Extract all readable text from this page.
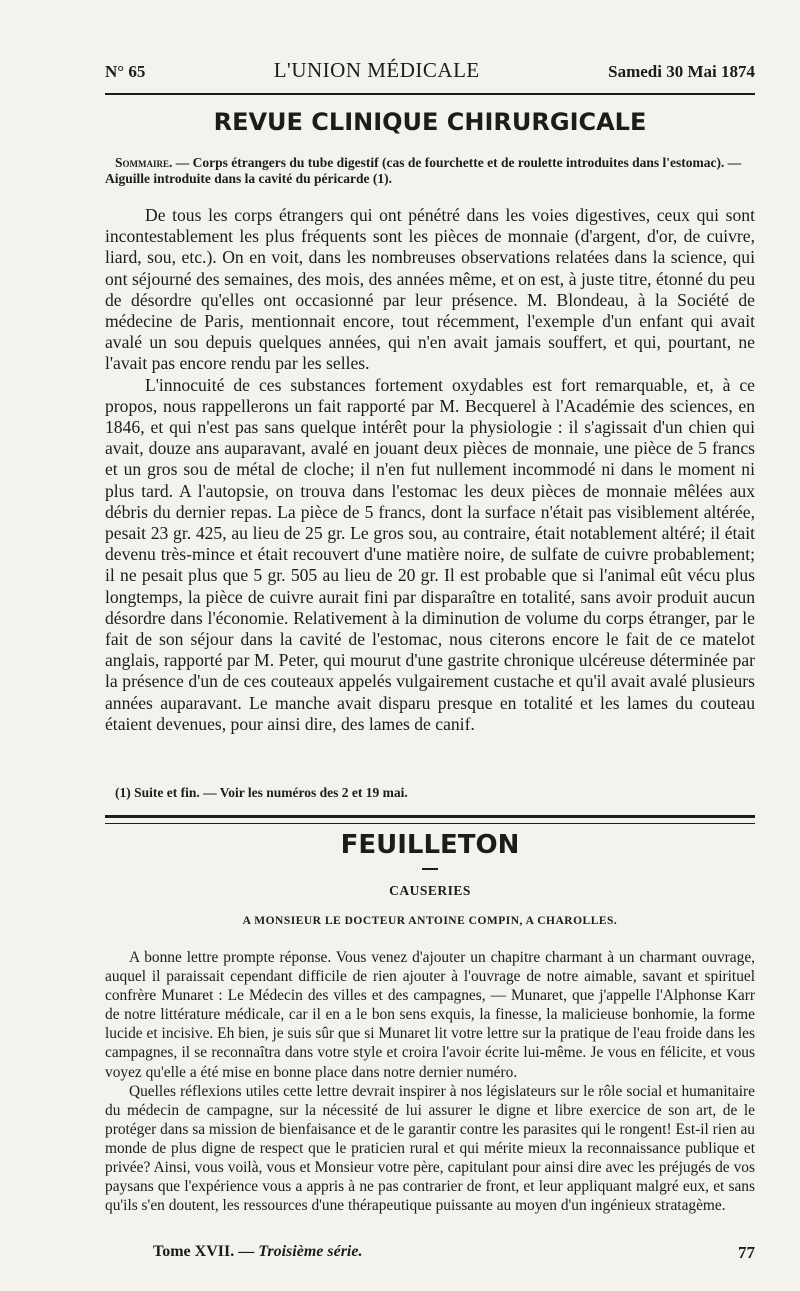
N° 65	L'UNION MÉDICALE	Samedi 30 Mai 1874
REVUE CLINIQUE CHIRURGICALE
Sommaire. — Corps étrangers du tube digestif (cas de fourchette et de roulette introduites dans l'estomac). — Aiguille introduite dans la cavité du péricarde (1).

De tous les corps étrangers qui ont pénétré dans les voies digestives, ceux qui sont incontestablement les plus fréquents sont les pièces de monnaie (d'argent, d'or, de cuivre, liard, sou, etc.). On en voit, dans les nombreuses observations relatées dans la science, qui ont séjourné des semaines, des mois, des années même, et on est, à juste titre, étonné du peu de désordre qu'elles ont occasionné par leur présence. M. Blondeau, à la Société de médecine de Paris, mentionnait encore, tout récemment, l'exemple d'un enfant qui avait avalé un sou depuis quelques années, qui n'en avait jamais souffert, et qui, pourtant, ne l'avait pas encore rendu par les selles.

L'innocuité de ces substances fortement oxydables est fort remarquable, et, à ce propos, nous rappellerons un fait rapporté par M. Becquerel à l'Académie des sciences, en 1846, et qui n'est pas sans quelque intérêt pour la physiologie : il s'agissait d'un chien qui avait, douze ans auparavant, avalé en jouant deux pièces de monnaie, une pièce de 5 francs et un gros sou de métal de cloche; il n'en fut nullement incommodé ni dans le moment ni plus tard. A l'autopsie, on trouva dans l'estomac les deux pièces de monnaie mêlées aux débris du dernier repas. La pièce de 5 francs, dont la surface n'était pas visiblement altérée, pesait 23 gr. 425, au lieu de 25 gr. Le gros sou, au contraire, était notablement altéré; il était devenu très-mince et était recouvert d'une matière noire, de sulfate de cuivre probablement; il ne pesait plus que 5 gr. 505 au lieu de 20 gr. Il est probable que si l'animal eût vécu plus longtemps, la pièce de cuivre aurait fini par disparaître en totalité, sans avoir produit aucun désordre dans l'économie. Relativement à la diminution de volume du corps étranger, par le fait de son séjour dans la cavité de l'estomac, nous citerons encore le fait de ce matelot anglais, rapporté par M. Peter, qui mourut d'une gastrite chronique ulcéreuse déterminée par la présence d'un de ces couteaux appelés vulgairement custache et qu'il avait avalé plusieurs années auparavant. Le manche avait disparu presque en totalité et les lames du couteau étaient devenues, pour ainsi dire, des lames de canif.

(1) Suite et fin. — Voir les numéros des 2 et 19 mai.
FEUILLETON
CAUSERIES
A MONSIEUR LE DOCTEUR ANTOINE COMPIN, A CHAROLLES.

A bonne lettre prompte réponse. Vous venez d'ajouter un chapitre charmant à un charmant ouvrage, auquel il paraissait cependant difficile de rien ajouter à l'ouvrage de notre aimable, savant et spirituel confrère Munaret : Le Médecin des villes et des campagnes, — Munaret, que j'appelle l'Alphonse Karr de notre littérature médicale, car il en a le bon sens exquis, la finesse, la malicieuse bonhomie, la forme lucide et incisive. Eh bien, je suis sûr que si Munaret lit votre lettre sur la pratique de l'eau froide dans les campagnes, il se reconnaîtra dans votre style et croira l'avoir écrite lui-même. Je vous en félicite, et vous voyez qu'elle a été mise en bonne place dans notre dernier numéro.

Quelles réflexions utiles cette lettre devrait inspirer à nos législateurs sur le rôle social et humanitaire du médecin de campagne, sur la nécessité de lui assurer le digne et libre exercice de son art, de le protéger dans sa mission de bienfaisance et de le garantir contre les parasites qui le rongent! Est-il rien au monde de plus digne de respect que le praticien rural et qui mérite mieux la reconnaissance publique et privée? Ainsi, vous voilà, vous et Monsieur votre père, capitulant pour ainsi dire avec les préjugés de vos paysans que l'expérience vous a appris à ne pas contrarier de front, et leur appliquant malgré eux, et sans qu'ils s'en doutent, les ressources d'une thérapeutique puissante au moyen d'un ingénieux stratagème.

Tome XVII. — Troisième série.	77
